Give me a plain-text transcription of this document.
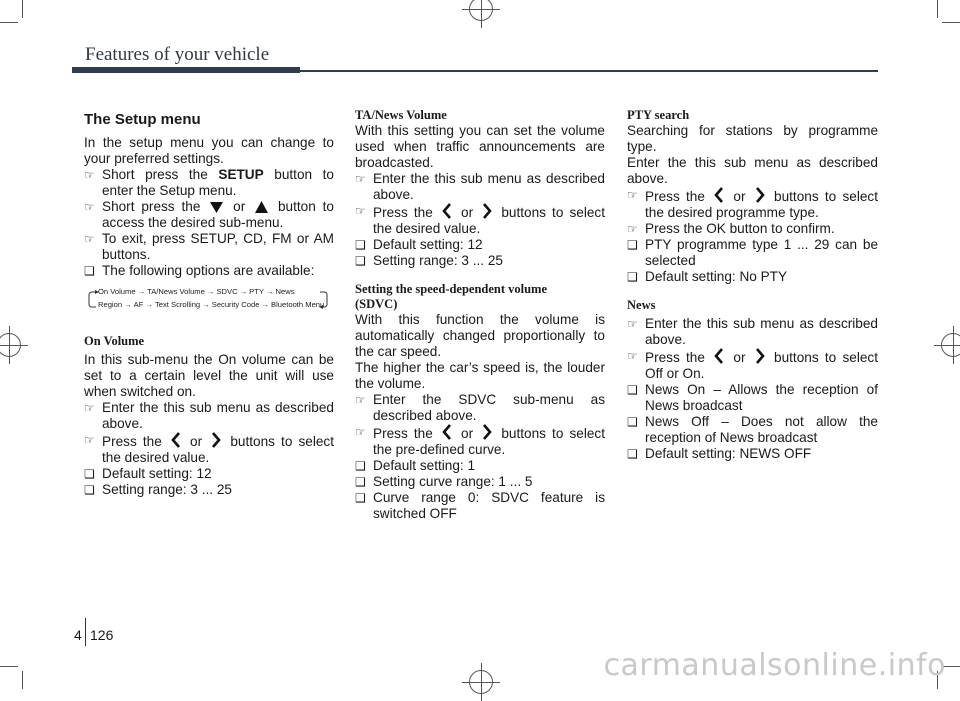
Features of your vehicle
The Setup menu
In the setup menu you can change to your preferred settings.
☞ Short press the SETUP button to enter the Setup menu.
☞ Short press the  or  button to access the desired sub-menu.
☞ To exit, press SETUP, CD, FM or AM buttons.
❑ The following options are available:
On Volume → TA/News Volume → SDVC → PTY → News
Region → AF → Text Scrolling → Security Code → Bluetooth Menu
On Volume
In this sub-menu the On volume can be set to a certain level the unit will use when switched on.
☞ Enter the this sub menu as described above.
☞ Press the  or  buttons to select the desired value.
❑ Default setting: 12
❑ Setting range: 3 ... 25
TA/News Volume
With this setting you can set the volume used when traffic announcements are broadcasted.
☞ Enter the this sub menu as described above.
☞ Press the  or  buttons to select the desired value.
❑ Default setting: 12
❑ Setting range: 3 ... 25
Setting the speed-dependent volume
(SDVC)
With this function the volume is automatically changed proportionally to the car speed.
The higher the car’s speed is, the louder the volume.
☞ Enter the SDVC sub-menu as described above.
☞ Press the  or  buttons to select the pre-defined curve.
❑ Default setting: 1
❑ Setting curve range: 1 ... 5
❑ Curve range 0: SDVC feature is switched OFF
PTY search
Searching for stations by programme type.
Enter the this sub menu as described above.
☞ Press the  or  buttons to select the desired programme type.
☞ Press the OK button to confirm.
❑ PTY programme type 1 ... 29 can be selected
❑ Default setting: No PTY
News
☞ Enter the this sub menu as described above.
☞ Press the  or  buttons to select Off or On.
❑ News On – Allows the reception of News broadcast
❑ News Off – Does not allow the reception of News broadcast
❑ Default setting: NEWS OFF
4 126
carmanualsonline.info
